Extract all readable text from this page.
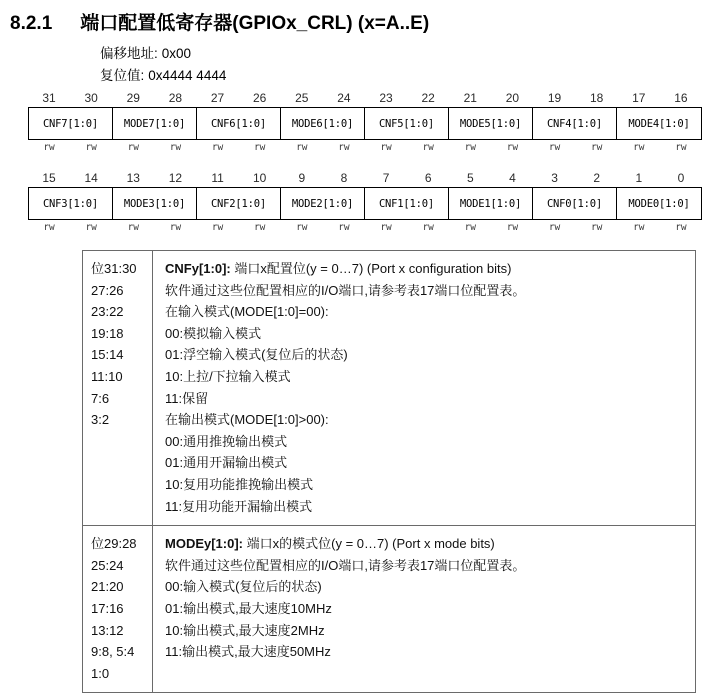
8.2.1 端口配置低寄存器(GPIOx_CRL) (x=A..E)
偏移地址: 0x00
复位值: 0x4444 4444
31	30	29	28	27	26	25	24	23	22	21	20	19	18	17	16
CNF7[1:0]	MODE7[1:0]	CNF6[1:0]	MODE6[1:0]	CNF5[1:0]	MODE5[1:0]	CNF4[1:0]	MODE4[1:0]
rw	rw	rw	rw	rw	rw	rw	rw	rw	rw	rw	rw	rw	rw	rw	rw
15	14	13	12	11	10	9	8	7	6	5	4	3	2	1	0
CNF3[1:0]	MODE3[1:0]	CNF2[1:0]	MODE2[1:0]	CNF1[1:0]	MODE1[1:0]	CNF0[1:0]	MODE0[1:0]
rw	rw	rw	rw	rw	rw	rw	rw	rw	rw	rw	rw	rw	rw	rw	rw
位31:30
27:26
23:22
19:18
15:14
11:10
7:6
3:2
CNFy[1:0]: 端口x配置位(y = 0…7) (Port x configuration bits)
软件通过这些位配置相应的I/O端口,请参考表17端口位配置表。
在输入模式(MODE[1:0]=00):
00:模拟输入模式
01:浮空输入模式(复位后的状态)
10:上拉/下拉输入模式
11:保留
在输出模式(MODE[1:0]>00):
00:通用推挽输出模式
01:通用开漏输出模式
10:复用功能推挽输出模式
11:复用功能开漏输出模式
位29:28
25:24
21:20
17:16
13:12
9:8, 5:4
1:0
MODEy[1:0]: 端口x的模式位(y = 0…7) (Port x mode bits)
软件通过这些位配置相应的I/O端口,请参考表17端口位配置表。
00:输入模式(复位后的状态)
01:输出模式,最大速度10MHz
10:输出模式,最大速度2MHz
11:输出模式,最大速度50MHz
